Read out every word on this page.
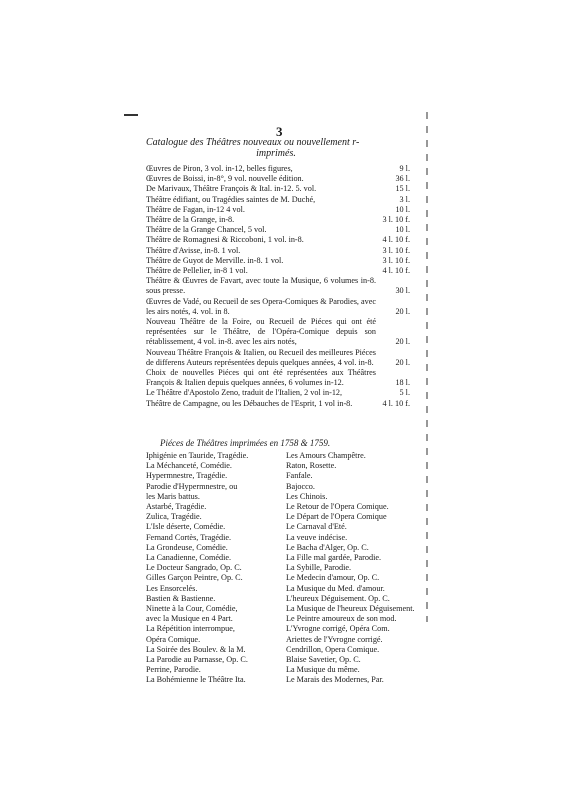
3
Catalogue des Théâtres nouveaux ou nouvellement r-
imprimés.
Œuvres de Piron, 3 vol. in-12, belles figures,	9 l.
Œuvres de Boissi, in-8°, 9 vol. nouvelle édition.	36 l.
De Marivaux, Théâtre François & Ital. in-12. 5. vol.	15 l.
Théâtre édifiant, ou Tragédies saintes de M. Duché,	3 l.
Théâtre de Fagan, in-12 4 vol.	10 l.
Théâtre de la Grange, in-8.	3 l. 10 f.
Théâtre de la Grange Chancel, 5 vol.	10 l.
Théâtre de Romagnesi & Riccoboni, 1 vol. in-8.	4 l. 10 f.
Théâtre d'Avisse, in-8. 1 vol.	3 l. 10 f.
Théâtre de Guyot de Merville. in-8. 1 vol.	3 l. 10 f.
Théâtre de Pellelier, in-8 1 vol.	4 l. 10 f.
Théâtre & Œuvres de Favart, avec toute la Musique, 6 volumes in-8. sous presse.	30 l.
Œuvres de Vadé, ou Recueil de ses Opera-Comiques & Parodies, avec les airs notés, 4. vol. in 8.	20 l.
Nouveau Théâtre de la Foire, ou Recueil de Piéces qui ont été représentées sur le Théâtre, de l'Opéra-Comique depuis son rétablissement, 4 vol. in-8. avec les airs notés,	20 l.
Nouveau Théâtre François & Italien, ou Recueil des meilleures Piéces de differens Auteurs représentées depuis quelques années, 4 vol. in-8.	20 l.
Choix de nouvelles Piéces qui ont été représentées aux Théâtres François & Italien depuis quelques années, 6 volumes in-12.	18 l.
Le Théâtre d'Apostolo Zeno, traduit de l'Italien, 2 vol in-12,	5 l.
Théâtre de Campagne, ou les Débauches de l'Esprit, 1 vol in-8.	4 l. 10 f.
Piéces de Théâtres imprimées en 1758 & 1759.
Iphigénie en Tauride, Tragédie.
La Méchanceté, Comédie.
Hypermnestre, Tragédie.
Parodie d'Hypermnestre, ou
les Maris battus.
Astarbé, Tragédie.
Zulica, Tragédie.
L'Isle déserte, Comédie.
Fernand Cortès, Tragédie.
La Grondeuse, Comédie.
La Canadienne, Comédie.
Le Docteur Sangrado, Op. C.
Gilles Garçon Peintre, Op. C.
Les Ensorcelés.
Bastien & Bastienne.
Ninette à la Cour, Comédie,
avec la Musique en 4 Part.
La Répétition interrompue,
Opéra Comique.
La Soirée des Boulev. & la M.
La Parodie au Parnasse, Op. C.
Perrine, Parodie.
La Bohémienne le Théâtre Ita.
Les Amours Champêtre.
Raton, Rosette.
Fanfale.
Bajocco.
Les Chinois.
Le Retour de l'Opera Comique.
Le Départ de l'Opera Comique
Le Carnaval d'Eté.
La veuve indécise.
Le Bacha d'Alger, Op. C.
La Fille mal gardée, Parodie.
La Sybille, Parodie.
Le Medecin d'amour, Op. C.
La Musique du Med. d'amour.
L'heureux Déguisement. Op. C.
La Musique de l'heureux Déguisement.
Le Peintre amoureux de son mod.
L'Yvrogne corrigé, Opéra Com.
Ariettes de l'Yvrogne corrigé.
Cendrillon, Opera Comique.
Blaise Savetier, Op. C.
La Musique du même.
Le Marais des Modernes, Par.
